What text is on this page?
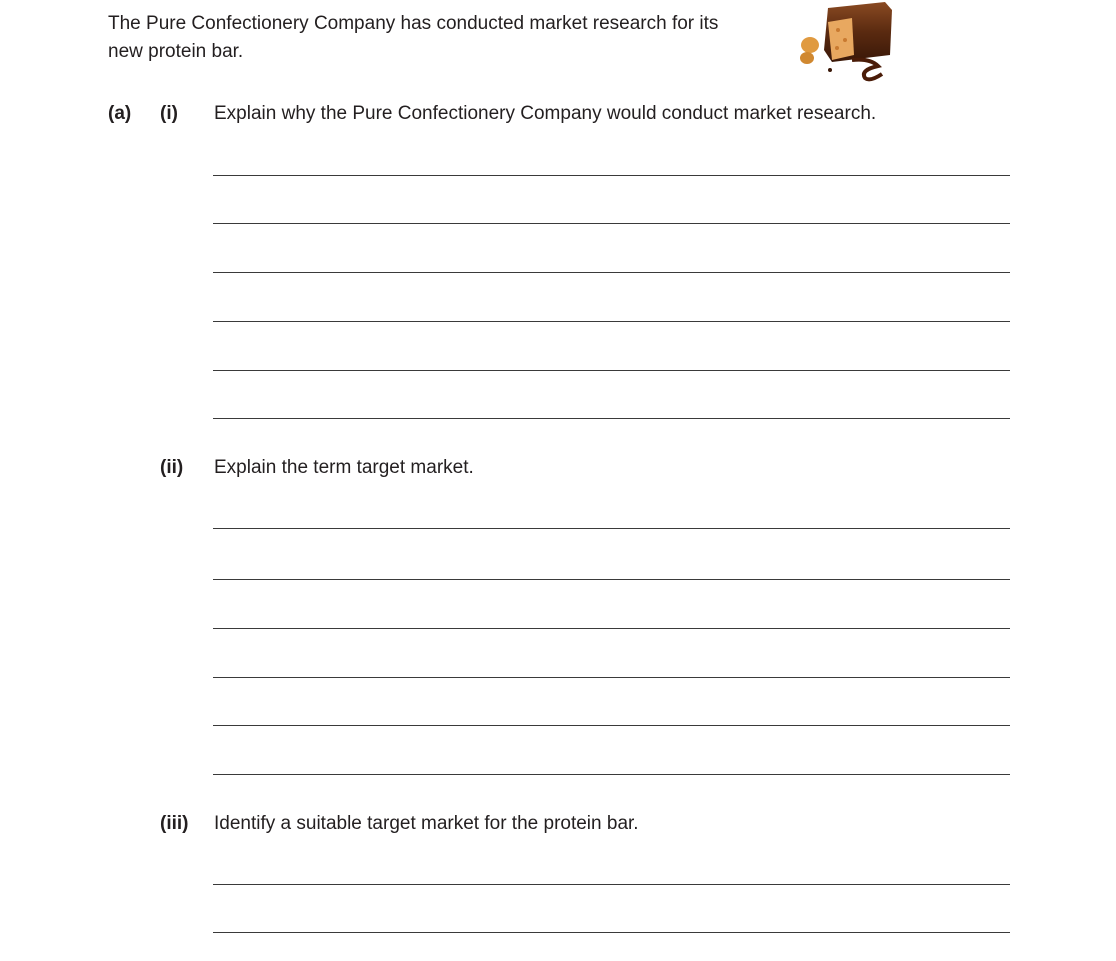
The Pure Confectionery Company has conducted market research for its
new protein bar.
(a) (i) Explain why the Pure Confectionery Company would conduct market research.
(ii) Explain the term target market.
(iii) Identify a suitable target market for the protein bar.
